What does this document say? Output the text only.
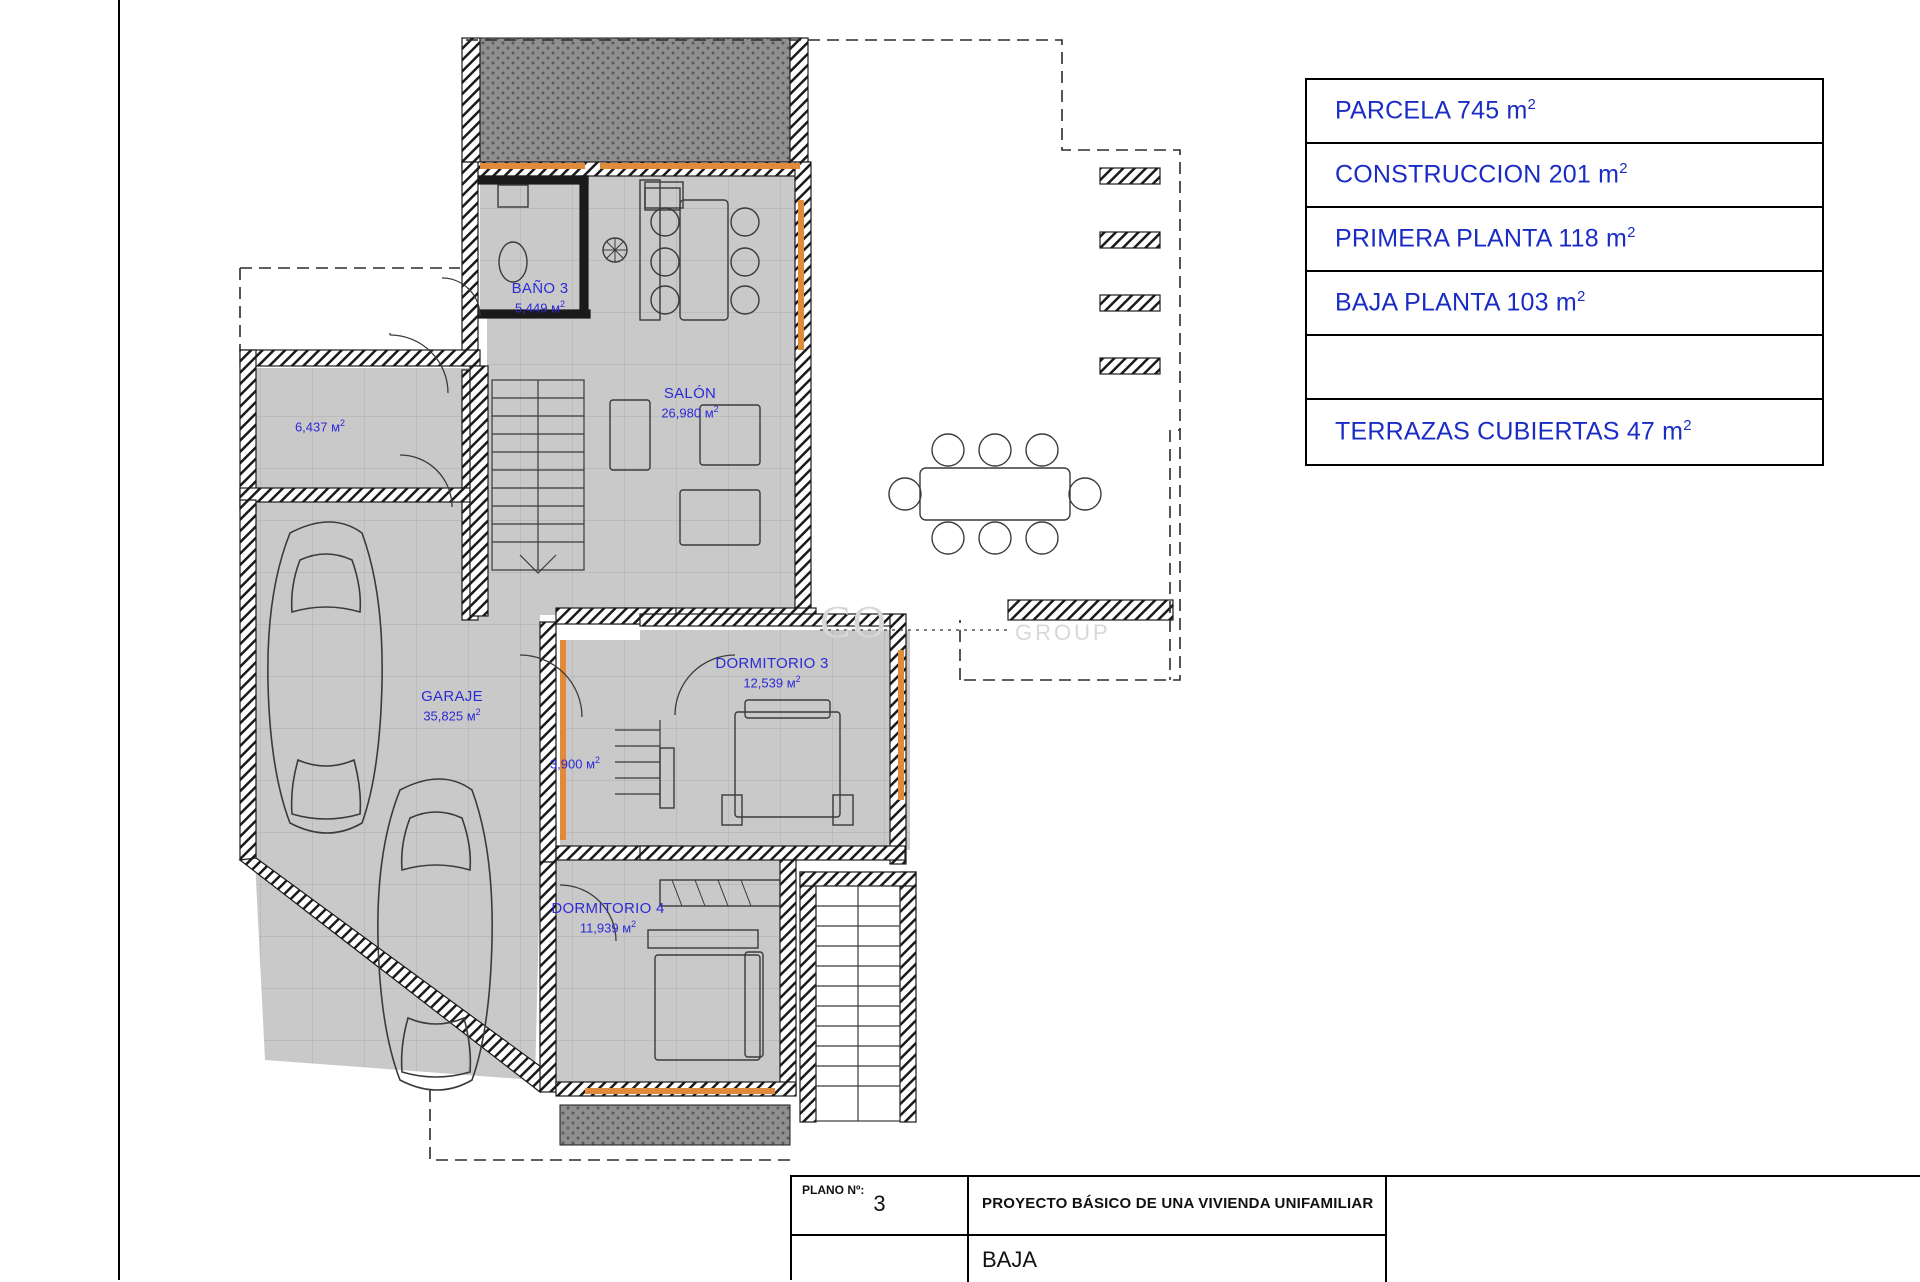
CO	GROUP
BAÑO 3
5,449 $м^2$
SALÓN
26,980 $м^2$
6,437 $м^2$
GARAJE
35,825 $м^2$
3,900 $м^2$
DORMITORIO 3
12,539 $м^2$
DORMITORIO 4
11,939 $м^2$
PARCELA 745 $m^2$
CONSTRUCCION 201 $m^2$
PRIMERA PLANTA 118 $m^2$
BAJA PLANTA 103 $m^2$
TERRAZAS CUBIERTAS 47 $m^2$
PLANO Nº:
3	PROYECTO BÁSICO DE UNA VIVIENDA UNIFAMILIAR
BAJA
